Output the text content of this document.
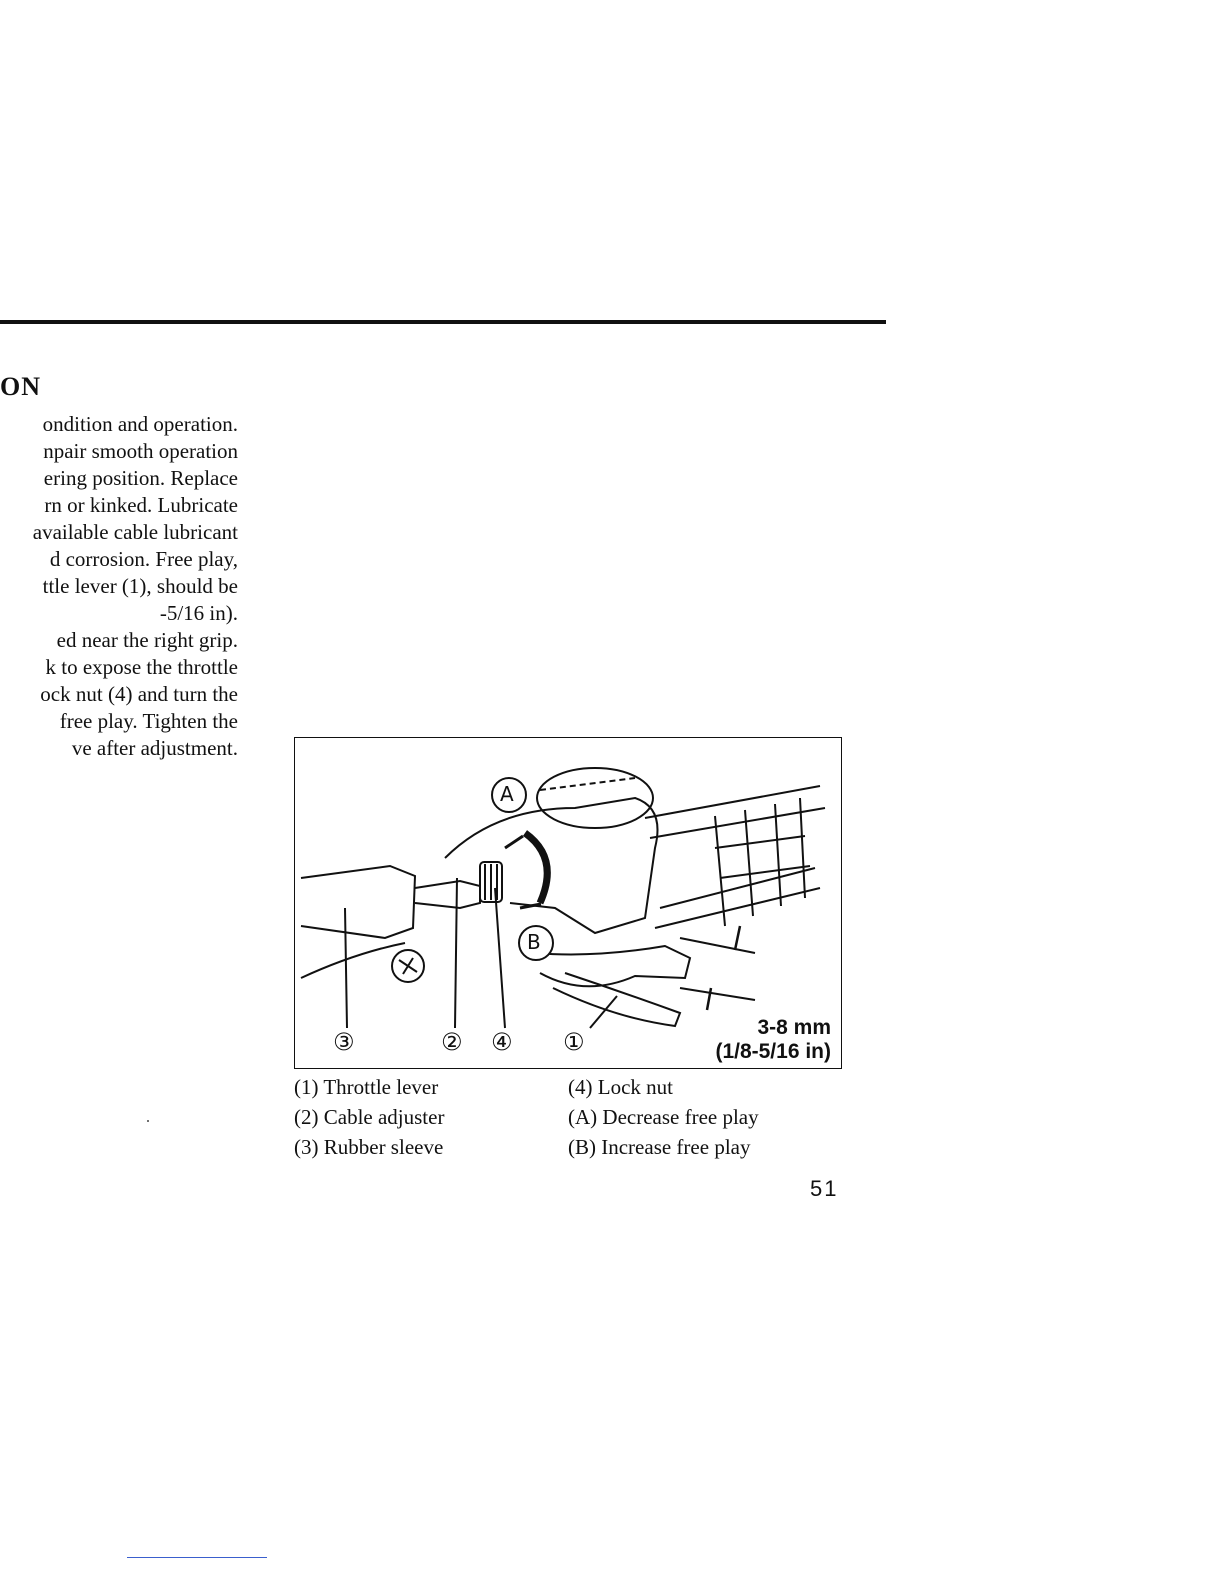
ON
ondition and operation.
npair smooth operation
ering position. Replace
rn or kinked. Lubricate
available cable lubricant
d corrosion. Free play,
ttle lever (1), should be
-5/16 in).
ed near the right grip.
k to expose the throttle
ock nut (4) and turn the
free play. Tighten the
ve after adjustment.
A
B
③	② ④ ①
3-8 mm
(1/8-5/16 in)
(1) Throttle lever
(2) Cable adjuster
(3) Rubber sleeve
(4) Lock nut
(A) Decrease free play
(B) Increase free play
51
